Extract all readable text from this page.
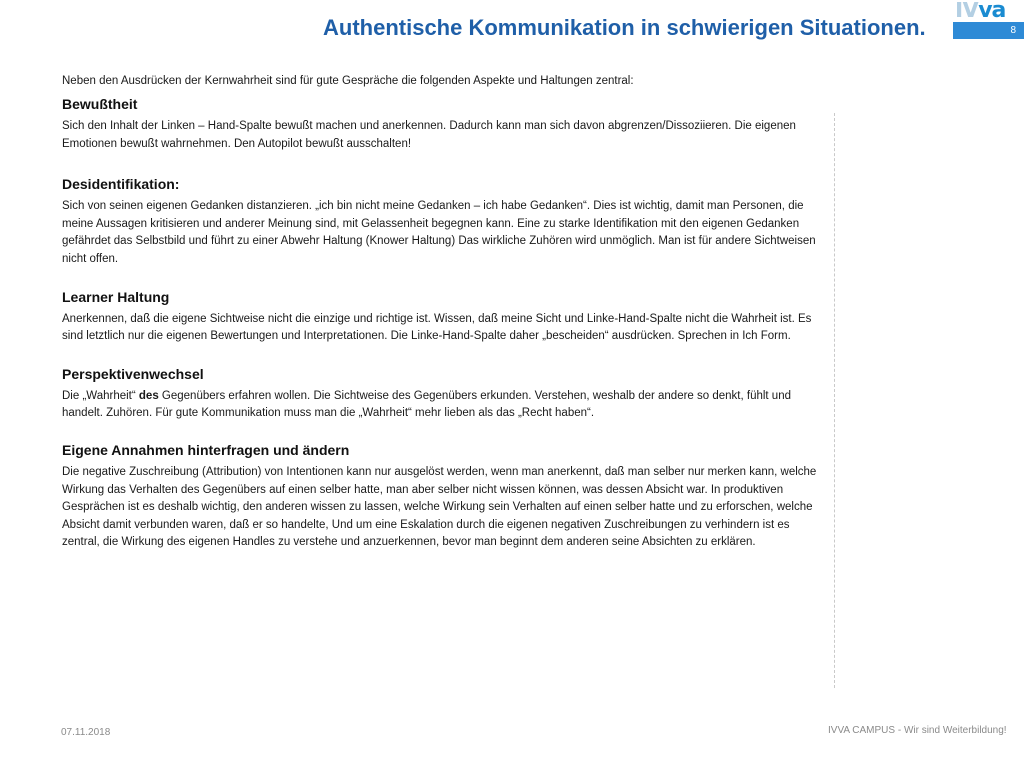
Authentische Kommunikation in schwierigen Situationen.
IVva
8

Neben den Ausdrücken der Kernwahrheit sind für gute Gespräche die folgenden Aspekte und Haltungen zentral:

Bewußtheit

Sich den Inhalt der Linken – Hand-Spalte bewußt machen und anerkennen. Dadurch kann man sich davon abgrenzen/Dissoziieren. Die eigenen Emotionen bewußt wahrnehmen. Den Autopilot bewußt ausschalten!

Desidentifikation:

Sich von seinen eigenen Gedanken distanzieren. „ich bin nicht meine Gedanken – ich habe Gedanken“. Dies ist wichtig, damit man Personen, die meine Aussagen kritisieren und anderer Meinung sind, mit Gelassenheit begegnen kann. Eine zu starke Identifikation mit den eigenen Gedanken gefährdet das Selbstbild und führt zu einer Abwehr Haltung (Knower Haltung) Das wirkliche Zuhören wird unmöglich. Man ist für andere Sichtweisen nicht offen.

Learner Haltung

Anerkennen, daß die eigene Sichtweise nicht die einzige und richtige ist. Wissen, daß meine Sicht und Linke-Hand-Spalte nicht die Wahrheit ist. Es sind letztlich nur die eigenen Bewertungen und Interpretationen. Die Linke-Hand-Spalte daher „bescheiden“ ausdrücken. Sprechen in Ich Form.

Perspektivenwechsel

Die „Wahrheit“ des Gegenübers erfahren wollen. Die Sichtweise des Gegenübers erkunden. Verstehen, weshalb der andere so denkt, fühlt und handelt. Zuhören. Für gute Kommunikation muss man die „Wahrheit“ mehr lieben als das „Recht haben“.

Eigene Annahmen hinterfragen und ändern

Die negative Zuschreibung (Attribution) von Intentionen kann nur ausgelöst werden, wenn man anerkennt, daß man selber nur merken kann, welche Wirkung das Verhalten des Gegenübers auf einen selber hatte, man aber selber nicht wissen können, was dessen Absicht war. In produktiven Gesprächen ist es deshalb wichtig, den anderen wissen zu lassen, welche Wirkung sein Verhalten auf einen selber hatte und zu erforschen, welche Absicht damit verbunden waren, daß er so handelte, Und um eine Eskalation durch die eigenen negativen Zuschreibungen zu verhindern ist es zentral, die Wirkung des eigenen Handles zu verstehe und anzuerkennen, bevor man beginnt dem anderen seine Absichten zu erklären.

07.11.2018	IVVA CAMPUS - Wir sind Weiterbildung!
